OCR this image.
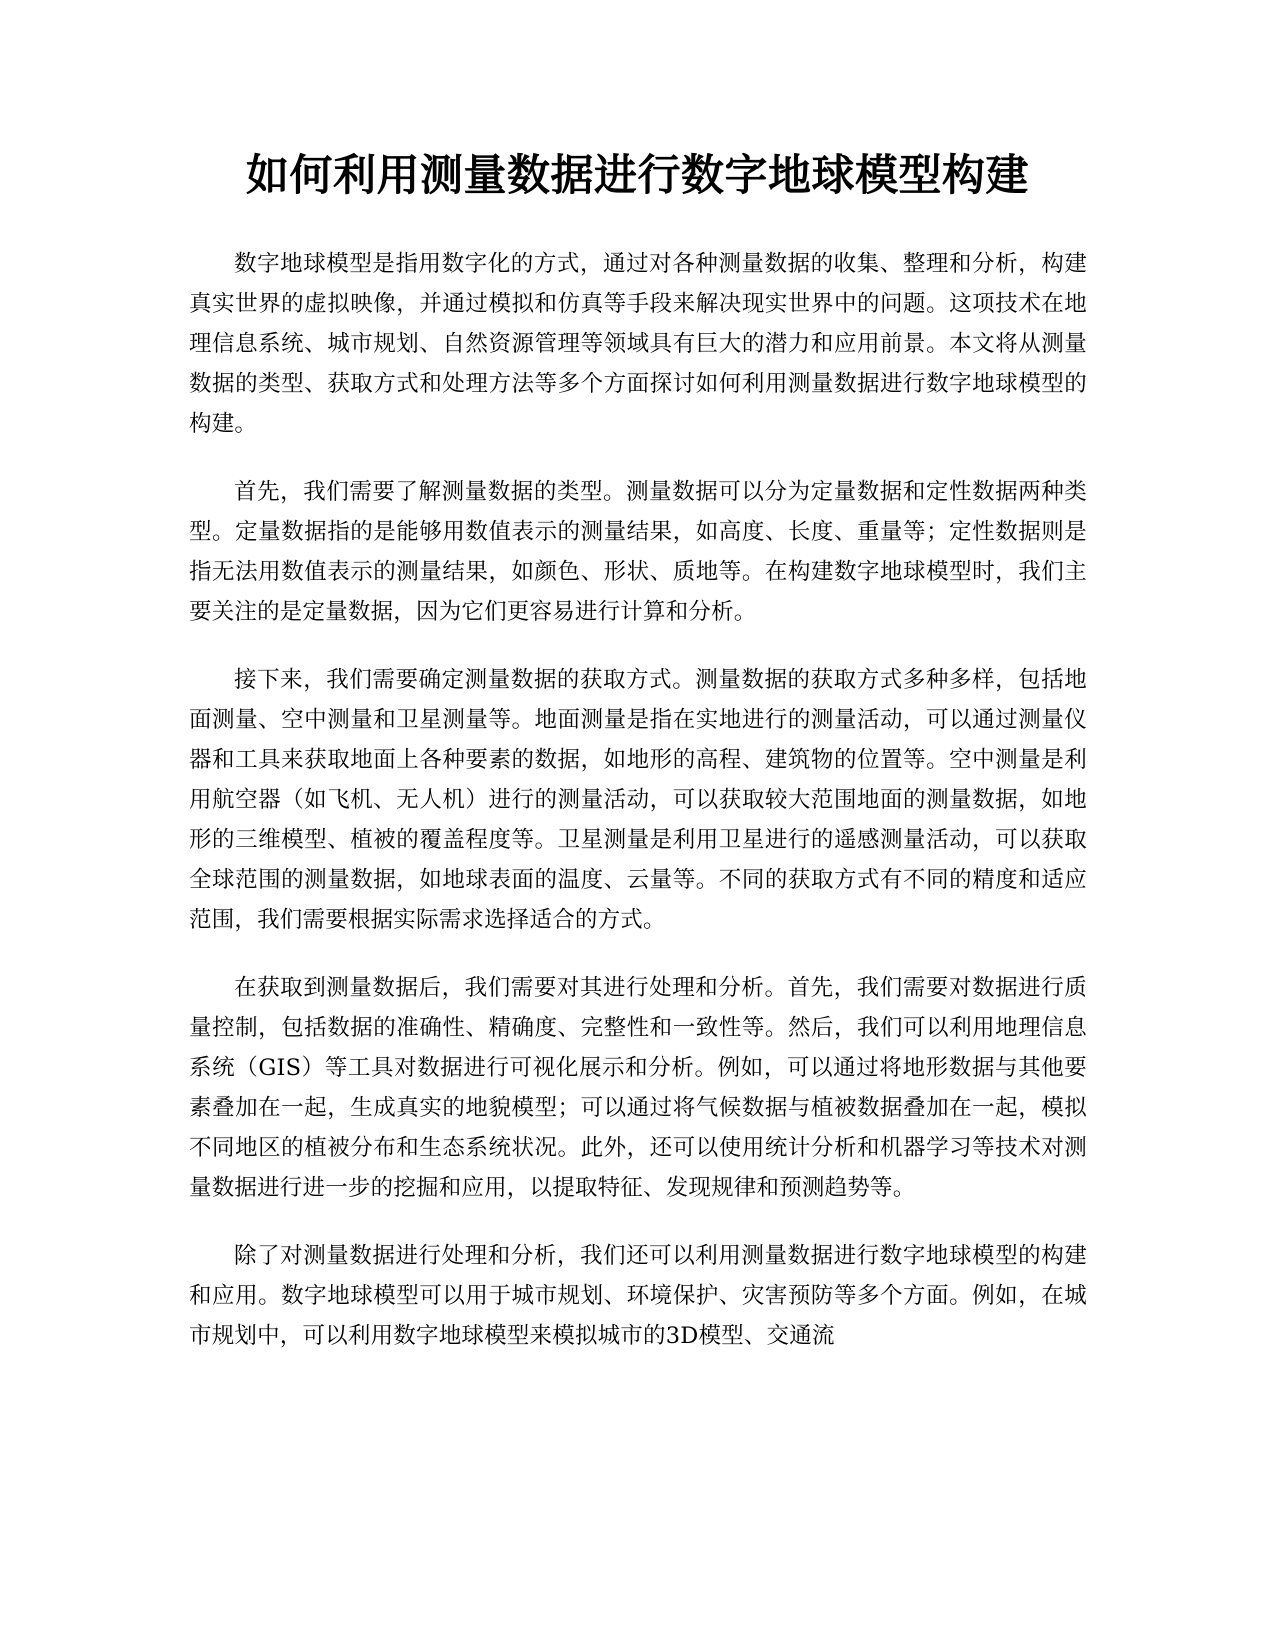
如何利用测量数据进行数字地球模型构建

数字地球模型是指用数字化的方式，通过对各种测量数据的收集、整理和分析，构建真实世界的虚拟映像，并通过模拟和仿真等手段来解决现实世界中的问题。这项技术在地理信息系统、城市规划、自然资源管理等领域具有巨大的潜力和应用前景。本文将从测量数据的类型、获取方式和处理方法等多个方面探讨如何利用测量数据进行数字地球模型的构建。

首先，我们需要了解测量数据的类型。测量数据可以分为定量数据和定性数据两种类型。定量数据指的是能够用数值表示的测量结果，如高度、长度、重量等；定性数据则是指无法用数值表示的测量结果，如颜色、形状、质地等。在构建数字地球模型时，我们主要关注的是定量数据，因为它们更容易进行计算和分析。

接下来，我们需要确定测量数据的获取方式。测量数据的获取方式多种多样，包括地面测量、空中测量和卫星测量等。地面测量是指在实地进行的测量活动，可以通过测量仪器和工具来获取地面上各种要素的数据，如地形的高程、建筑物的位置等。空中测量是利用航空器（如飞机、无人机）进行的测量活动，可以获取较大范围地面的测量数据，如地形的三维模型、植被的覆盖程度等。卫星测量是利用卫星进行的遥感测量活动，可以获取全球范围的测量数据，如地球表面的温度、云量等。不同的获取方式有不同的精度和适应范围，我们需要根据实际需求选择适合的方式。

在获取到测量数据后，我们需要对其进行处理和分析。首先，我们需要对数据进行质量控制，包括数据的准确性、精确度、完整性和一致性等。然后，我们可以利用地理信息系统（GIS）等工具对数据进行可视化展示和分析。例如，可以通过将地形数据与其他要素叠加在一起，生成真实的地貌模型；可以通过将气候数据与植被数据叠加在一起，模拟不同地区的植被分布和生态系统状况。此外，还可以使用统计分析和机器学习等技术对测量数据进行进一步的挖掘和应用，以提取特征、发现规律和预测趋势等。

除了对测量数据进行处理和分析，我们还可以利用测量数据进行数字地球模型的构建和应用。数字地球模型可以用于城市规划、环境保护、灾害预防等多个方面。例如，在城市规划中，可以利用数字地球模型来模拟城市的3D模型、交通流
